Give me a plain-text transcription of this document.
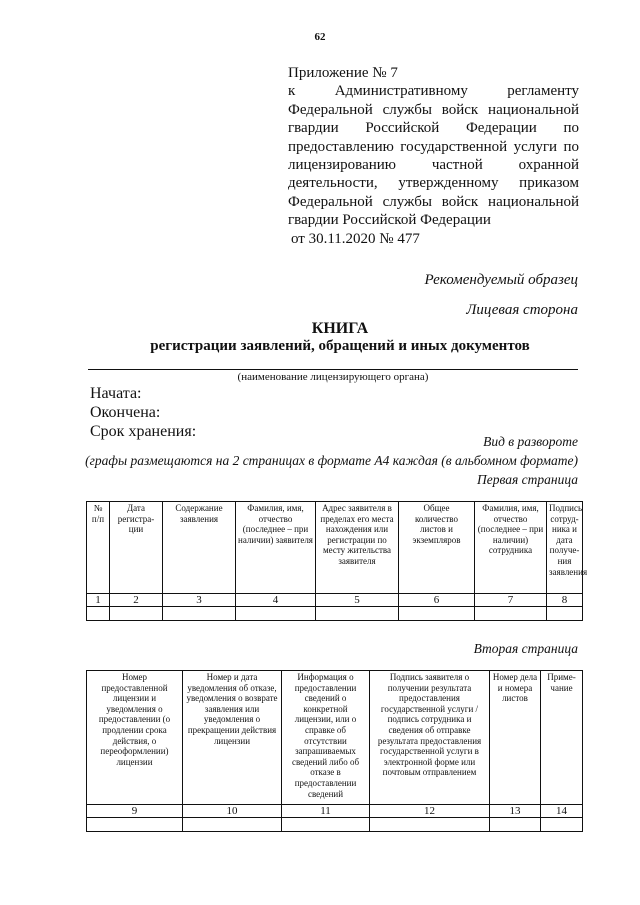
62
Приложение № 7
к Административному регламенту
Федеральной службы войск национальной
гвардии Российской Федерации по
предоставлению государственной услуги по
лицензированию частной охранной
деятельности, утвержденному приказом
Федеральной службы войск национальной
гвардии Российской Федерации
от 30.11.2020 № 477
Рекомендуемый образец
Лицевая сторона
КНИГА
регистрации заявлений, обращений и иных документов
(наименование лицензирующего органа)
Начата:
Окончена:
Срок хранения:
Вид в развороте
(графы размещаются на 2 страницах в формате А4 каждая (в альбомном формате)
Первая страница
№ п/п	Дата регистра- ции	Содержание заявления	Фамилия, имя, отчество (последнее – при наличии) заявителя	Адрес заявителя в пределах его места нахождения или регистрации по месту жительства заявителя	Общее количество листов и экземпляров	Фамилия, имя, отчество (последнее – при наличии) сотрудника	Подпись сотруд- ника и дата получе- ния заявления
1	2	3	4	5	6	7	8

Вторая страница
Номер предоставленной лицензии и уведомления о предоставлении (о продлении срока действия, о переоформлении) лицензии	Номер и дата уведомления об отказе, уведомления о возврате заявления или уведомления о прекращении действия лицензии	Информация о предоставлении сведений о конкретной лицензии, или о справке об отсутствии запрашиваемых сведений либо об отказе в предоставлении сведений	Подпись заявителя о получении результата предоставления государственной услуги / подпись сотрудника и сведения об отправке результата предоставления государственной услуги в электронной форме или почтовым отправлением	Номер дела и номера листов	Приме- чание
9	10	11	12	13	14
